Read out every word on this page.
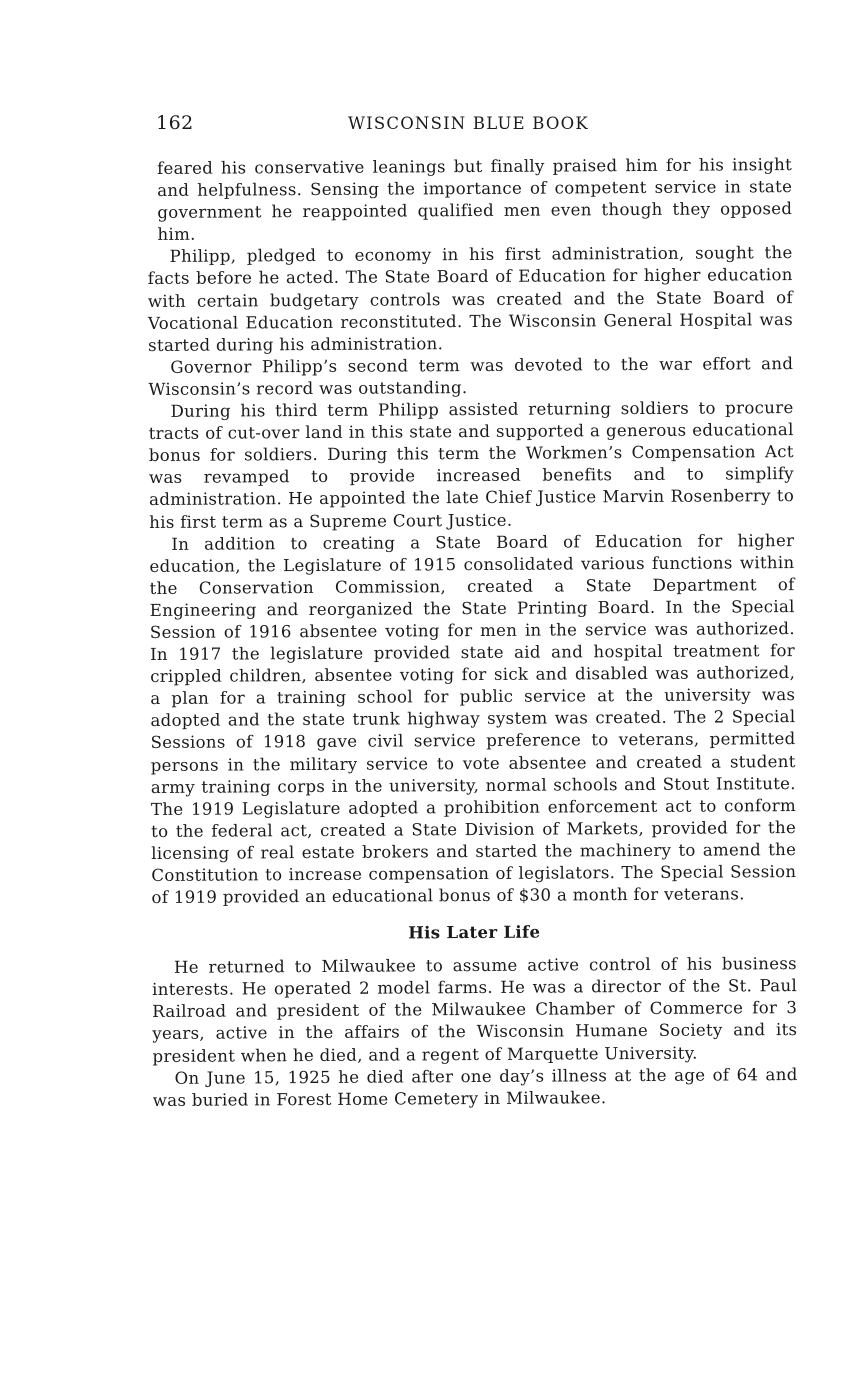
162	WISCONSIN BLUE BOOK

feared his conservative leanings but finally praised him for his insight and helpfulness. Sensing the importance of competent service in state government he reappointed qualified men even though they opposed him.

Philipp, pledged to economy in his first administration, sought the facts before he acted. The State Board of Education for higher education with certain budgetary controls was created and the State Board of Vocational Education reconstituted. The Wisconsin General Hospital was started during his administration.

Governor Philipp’s second term was devoted to the war effort and Wisconsin’s record was outstanding.

During his third term Philipp assisted returning soldiers to procure tracts of cut-over land in this state and supported a generous educational bonus for soldiers. During this term the Workmen’s Compensation Act was revamped to provide increased benefits and to simplify administration. He appointed the late Chief Justice Marvin Rosenberry to his first term as a Supreme Court Justice.

In addition to creating a State Board of Education for higher education, the Legislature of 1915 consolidated various functions within the Conservation Commission, created a State Department of Engineering and reorganized the State Printing Board. In the Special Session of 1916 absentee voting for men in the service was authorized. In 1917 the legislature provided state aid and hospital treatment for crippled children, absentee voting for sick and disabled was authorized, a plan for a training school for public service at the university was adopted and the state trunk highway system was created. The 2 Special Sessions of 1918 gave civil service preference to veterans, permitted persons in the military service to vote absentee and created a student army training corps in the university, normal schools and Stout Institute. The 1919 Legislature adopted a prohibition enforcement act to conform to the federal act, created a State Division of Markets, provided for the licensing of real estate brokers and started the machinery to amend the Constitution to increase compensation of legislators. The Special Session of 1919 provided an educational bonus of $30 a month for veterans.

His Later Life

He returned to Milwaukee to assume active control of his business interests. He operated 2 model farms. He was a director of the St. Paul Railroad and president of the Milwaukee Chamber of Commerce for 3 years, active in the affairs of the Wisconsin Humane Society and its president when he died, and a regent of Marquette University.

On June 15, 1925 he died after one day’s illness at the age of 64 and was buried in Forest Home Cemetery in Milwaukee.
